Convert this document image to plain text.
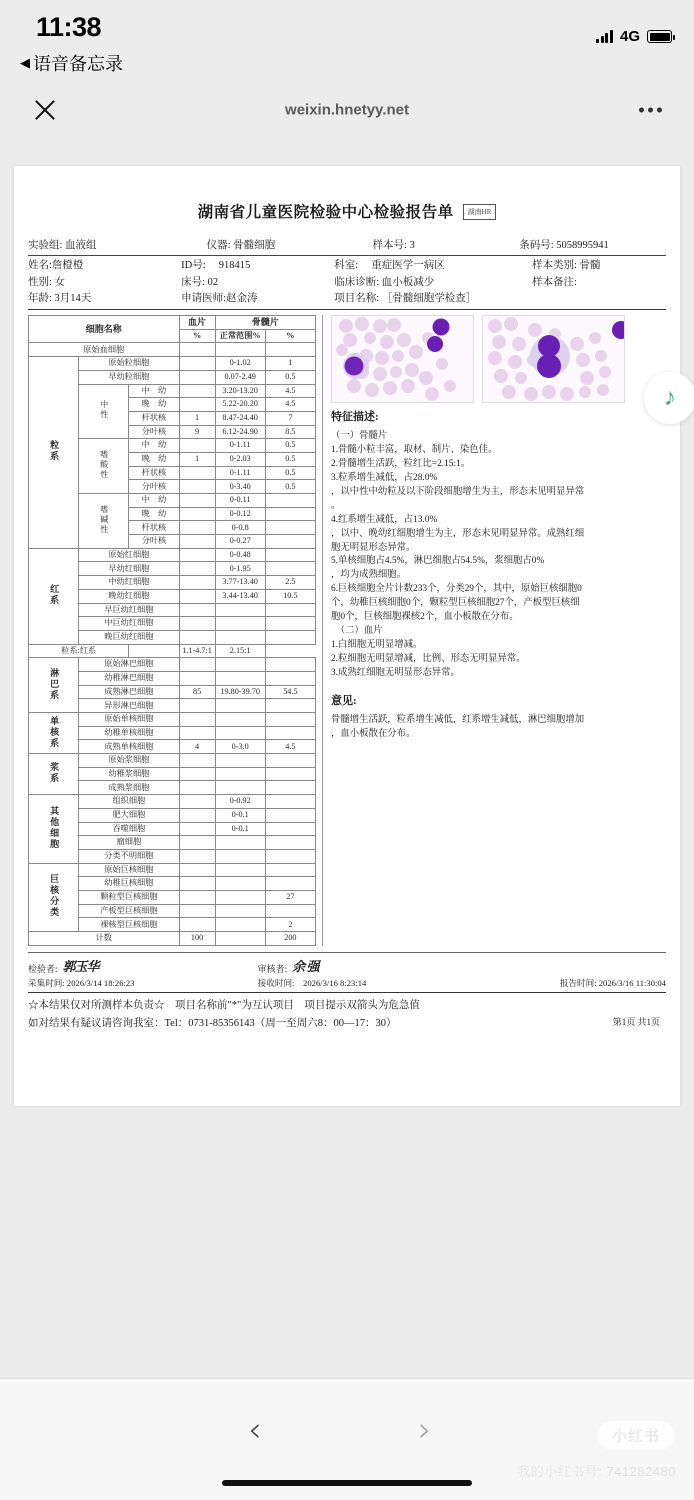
11:38
◀ 语音备忘录
4G
weixin.hnetyy.net
湖南省儿童医院检验中心检验报告单 湖南HR
实验组: 血液组	仪器: 骨髓细胞	样本号: 3	条码号: 5058995941
姓名:詹橙橙
性别: 女
年龄: 3月14天
ID号:　 918415
床号: 02
申请医师:赵金涛
科室:　 重症医学一病区
临床诊断: 血小板减少
项目名称: ［骨髓细胞学检查］
样本类别: 骨髓
样本备注:
细胞名称			血片	骨髓片	
			%	正常范围%	%
原始血细胞					
粒系	原始粒细胞			0-1.02	1
	早幼粒细胞			0.07-2.49	0.5
	中性	中　幼		3.20-13.20	4.5
		晚　幼		5.22-20.20	4.5
		杆状核	1	8.47-24.40	7
		分叶核	9	6.12-24.90	8.5
	嗜酸性	中　幼		0-1.11	0.5
		晚　幼	1	0-2.03	0.5
		杆状核		0-1.11	0.5
		分叶核		0-3.40	0.5
	嗜碱性	中　幼		0-0.11	
		晚　幼		0-0.12	
		杆状核		0-0.8	
		分叶核		0-0.27	
红系	原始红细胞			0-0.48	
	早幼红细胞			0-1.95	
	中幼红细胞			3.77-13.40	2.5
	晚幼红细胞			3.44-13.40	10.5
	早巨幼红细胞				
	中巨幼红细胞				
	晚巨幼红细胞				
粒系:红系			1.1-4.7:1	2.15:1	
淋巴系	原始淋巴细胞				
	幼稚淋巴细胞				
	成熟淋巴细胞		85	19.80-39.70	54.5
	异形淋巴细胞				
单核系	原始单核细胞				
	幼稚单核细胞				
	成熟单核细胞		4	0-3.0	4.5
浆系	原始浆细胞				
	幼稚浆细胞				
	成熟浆细胞				
其他细胞	组织细胞			0-0.92	
	肥大细胞			0-0.1	
	吞噬细胞			0-0.1	
	瘤细胞				
	分类不明细胞				
巨核分类	原始巨核细胞				
	幼稚巨核细胞				
	颗粒型巨核细胞				27
	产板型巨核细胞				
	裸核型巨核细胞				2
计数			100		200
特征描述:
（一）骨髓片
1.骨髓小粒丰富，取材、制片、染色佳。
2.骨髓增生活跃，粒红比=2.15:1。
3.粒系增生减低，占28.0%
，以中性中幼粒及以下阶段细胞增生为主，形态未见明显异常
。
4.红系增生减低，占13.0%
，以中、晚幼红细胞增生为主，形态未见明显异常。成熟红细
胞无明显形态异常。
5.单核细胞占4.5%，淋巴细胞占54.5%，浆细胞占0%
，均为成熟细胞。
6.巨核细胞全片计数233个，分类29个，其中，原始巨核细胞0
个，幼稚巨核细胞0个，颗粒型巨核细胞27个，产板型巨核细
胞0个，巨核细胞裸核2个，血小板散在分布。
　（二）血片
1.白细胞无明显增减。
2.粒细胞无明显增减，比例、形态无明显异常。
3.成熟红细胞无明显形态异常。
意见:
骨髓增生活跃，粒系增生减低，红系增生减低，淋巴细胞增加
，血小板散在分布。
检验者: 郭玉华	审核者: 余 强
采集时间: 2026/3/14 18:26:23	接收时间:　 2026/3/16 8:23:14	报告时间: 2026/3/16 11:30:04
☆本结果仅对所测样本负责☆　项目名称前"*"为互认项目　项目提示双箭头为危急值
如对结果有疑议请咨询我室：Tel：0731-85356143（周一至周六8：00—17：30）	第1页 共1页
♪
‹	›	小红书
我的小红书号: 741282480
